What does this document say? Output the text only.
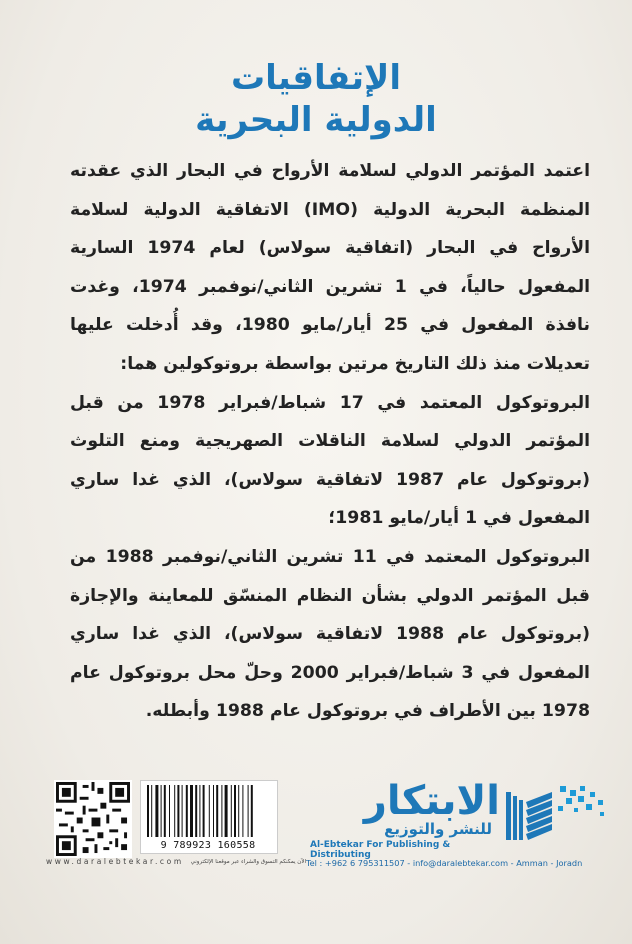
الإتفاقيات
الدولية البحرية

اعتمد المؤتمر الدولي لسلامة الأرواح في البحار الذي عقدته المنظمة البحرية الدولية (IMO) الاتفاقية الدولية لسلامة الأرواح في البحار (اتفاقية سولاس) لعام 1974 السارية المفعول حالياً، في 1 تشرين الثاني/نوفمبر 1974، وغدت نافذة المفعول في 25 أيار/مايو 1980، وقد أُدخلت عليها تعديلات منذ ذلك التاريخ مرتين بواسطة بروتوكولين هما:

البروتوكول المعتمد في 17 شباط/فبراير 1978 من قبل المؤتمر الدولي لسلامة الناقلات الصهريجية ومنع التلوث (بروتوكول عام 1987 لاتفاقية سولاس)، الذي غدا ساري المفعول في 1 أيار/مايو 1981؛

البروتوكول المعتمد في 11 تشرين الثاني/نوفمبر 1988 من قبل المؤتمر الدولي بشأن النظام المنسّق للمعاينة والإجازة (بروتوكول عام 1988 لاتفاقية سولاس)، الذي غدا ساري المفعول في 3 شباط/فبراير 2000 وحلّ محل بروتوكول عام 1978 بين الأطراف في بروتوكول عام 1988 وأبطله.

9 789923 160558
الابتكار
للنشر والتوزيع
Al-Ebtekar For Publishing & Distributing
www.daralebtekar.com	الآن يمكنكم التسوق والشراء عبر موقعنا الإلكتروني Tel : +962 6 795311507 - info@daralebtekar.com - Amman - Joradn
